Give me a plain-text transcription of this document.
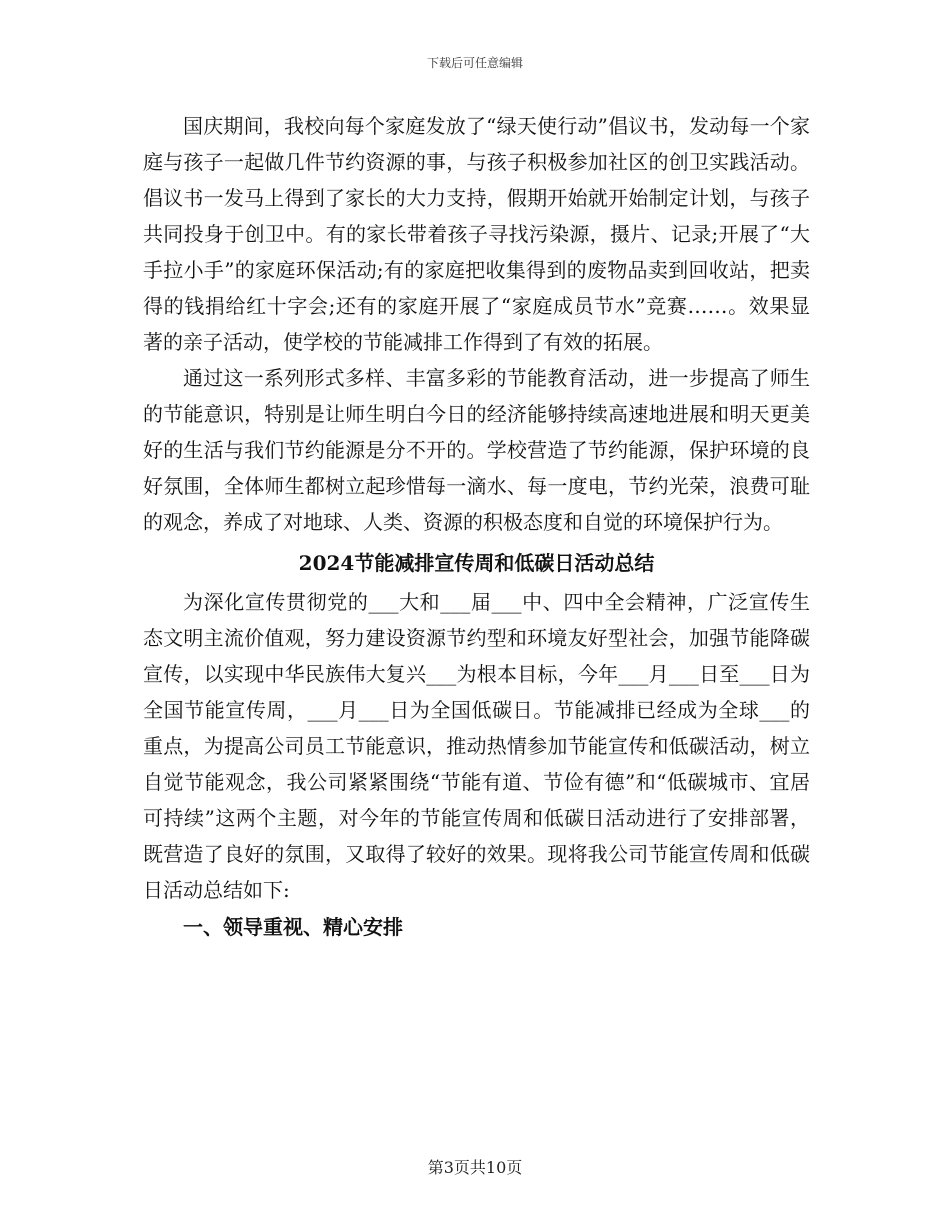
下载后可任意编辑

国庆期间，我校向每个家庭发放了“绿天使行动”倡议书，发动每一个家庭与孩子一起做几件节约资源的事，与孩子积极参加社区的创卫实践活动。倡议书一发马上得到了家长的大力支持，假期开始就开始制定计划，与孩子共同投身于创卫中。有的家长带着孩子寻找污染源，摄片、记录;开展了“大手拉小手”的家庭环保活动;有的家庭把收集得到的废物品卖到回收站，把卖得的钱捐给红十字会;还有的家庭开展了“家庭成员节水”竞赛……。效果显著的亲子活动，使学校的节能减排工作得到了有效的拓展。

通过这一系列形式多样、丰富多彩的节能教育活动，进一步提高了师生的节能意识，特别是让师生明白今日的经济能够持续高速地进展和明天更美好的生活与我们节约能源是分不开的。学校营造了节约能源，保护环境的良好氛围，全体师生都树立起珍惜每一滴水、每一度电，节约光荣，浪费可耻的观念，养成了对地球、人类、资源的积极态度和自觉的环境保护行为。

2024节能减排宣传周和低碳日活动总结

为深化宣传贯彻党的___大和___届___中、四中全会精神，广泛宣传生态文明主流价值观，努力建设资源节约型和环境友好型社会，加强节能降碳宣传，以实现中华民族伟大复兴___为根本目标，今年___月___日至___日为全国节能宣传周，___月___日为全国低碳日。节能减排已经成为全球___的重点，为提高公司员工节能意识，推动热情参加节能宣传和低碳活动，树立自觉节能观念，我公司紧紧围绕“节能有道、节俭有德”和“低碳城市、宜居可持续”这两个主题，对今年的节能宣传周和低碳日活动进行了安排部署，既营造了良好的氛围，又取得了较好的效果。现将我公司节能宣传周和低碳日活动总结如下:

一、领导重视、精心安排
第3页共10页
